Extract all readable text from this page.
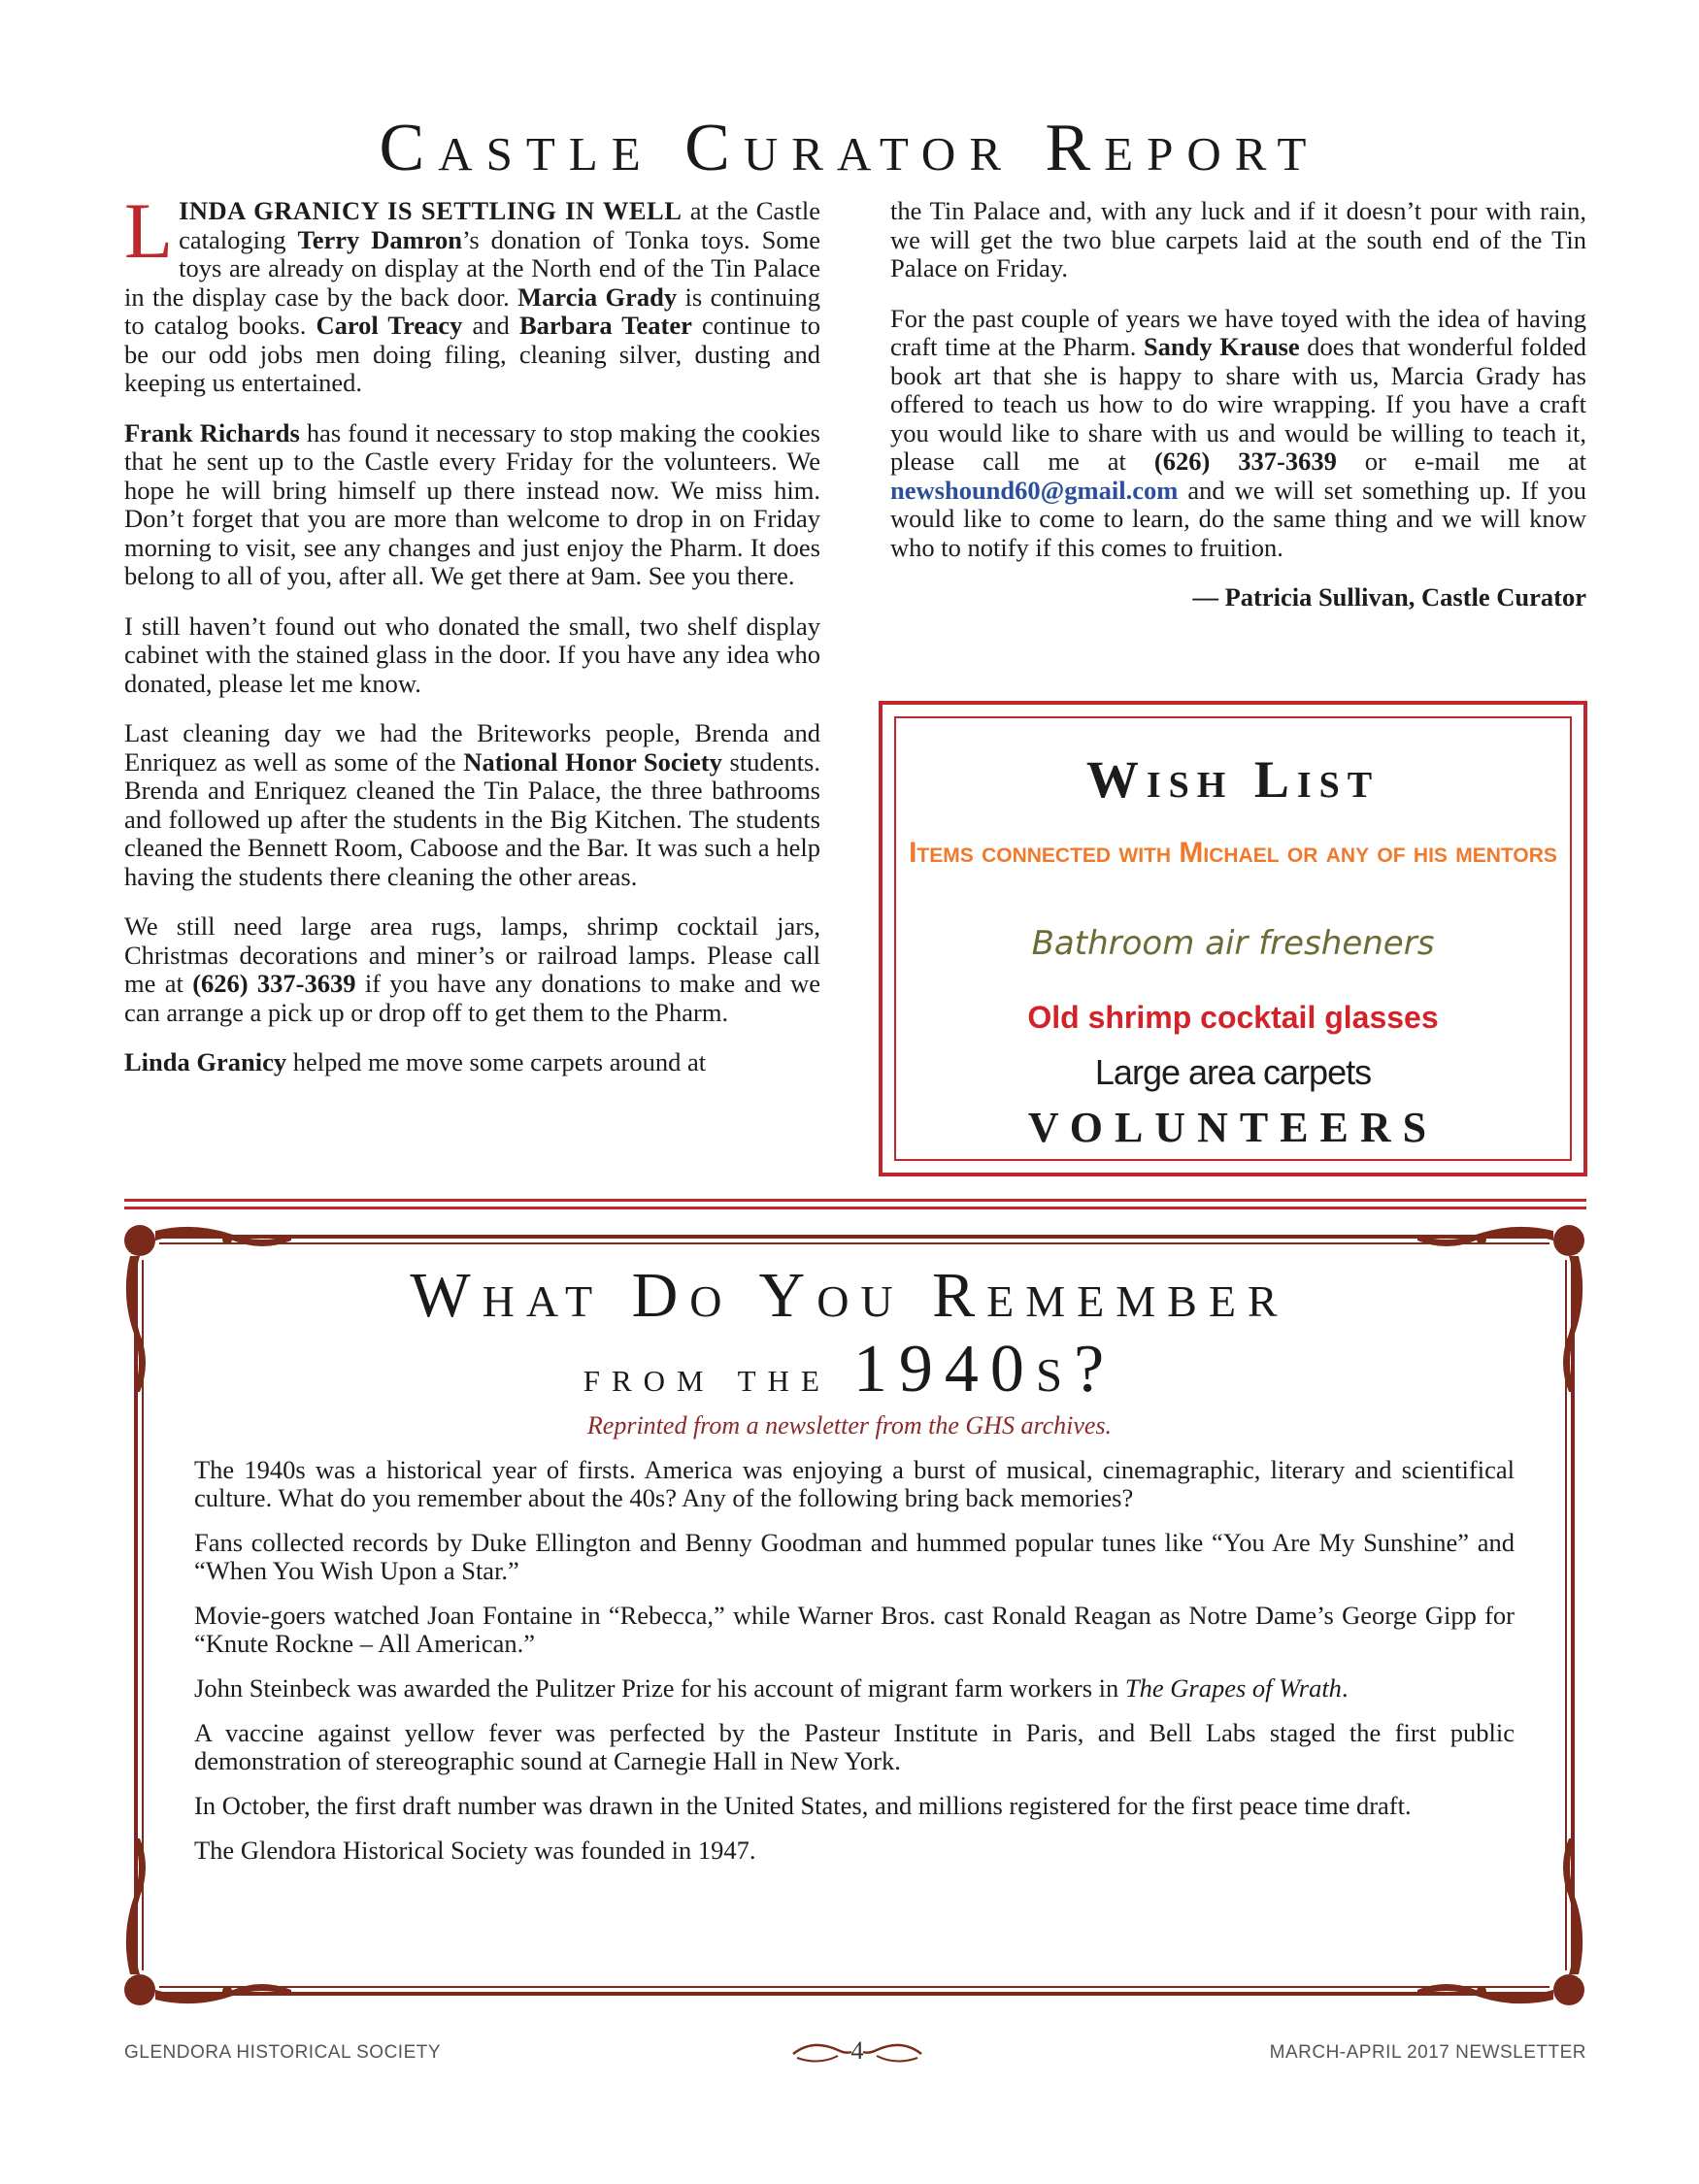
Castle Curator Report

LINDA GRANICY IS SETTLING IN WELL at the Castle cataloging Terry Damron’s donation of Tonka toys. Some toys are already on display at the North end of the Tin Palace in the display case by the back door. Marcia Grady is continuing to catalog books. Carol Treacy and Barbara Teater continue to be our odd jobs men doing filing, cleaning silver, dusting and keeping us entertained.

Frank Richards has found it necessary to stop making the cookies that he sent up to the Castle every Friday for the volunteers. We hope he will bring himself up there instead now. We miss him. Don’t forget that you are more than welcome to drop in on Friday morning to visit, see any changes and just enjoy the Pharm. It does belong to all of you, after all. We get there at 9am. See you there.

I still haven’t found out who donated the small, two shelf display cabinet with the stained glass in the door. If you have any idea who donated, please let me know.

Last cleaning day we had the Briteworks people, Brenda and Enriquez as well as some of the National Honor Society students. Brenda and Enriquez cleaned the Tin Palace, the three bathrooms and followed up after the students in the Big Kitchen. The students cleaned the Bennett Room, Caboose and the Bar. It was such a help having the students there cleaning the other areas.

We still need large area rugs, lamps, shrimp cocktail jars, Christmas decorations and miner’s or railroad lamps. Please call me at (626) 337-3639 if you have any donations to make and we can arrange a pick up or drop off to get them to the Pharm.

Linda Granicy helped me move some carpets around at

the Tin Palace and, with any luck and if it doesn’t pour with rain, we will get the two blue carpets laid at the south end of the Tin Palace on Friday.

For the past couple of years we have toyed with the idea of having craft time at the Pharm. Sandy Krause does that wonderful folded book art that she is happy to share with us, Marcia Grady has offered to teach us how to do wire wrapping. If you have a craft you would like to share with us and would be willing to teach it, please call me at (626) 337-3639 or e-mail me at newshound60@gmail.com and we will set something up. If you would like to come to learn, do the same thing and we will know who to notify if this comes to fruition.

— Patricia Sullivan, Castle Curator

Wish List
Items connected with Michael or any of his mentors
Bathroom air fresheners
Old shrimp cocktail glasses
Large area carpets
VOLUNTEERS
What Do You Remember
from the 1940s?
Reprinted from a newsletter from the GHS archives.

The 1940s was a historical year of firsts. America was enjoying a burst of musical, cinemagraphic, literary and scientifical culture. What do you remember about the 40s? Any of the following bring back memories?

Fans collected records by Duke Ellington and Benny Goodman and hummed popular tunes like “You Are My Sunshine” and “When You Wish Upon a Star.”

Movie-goers watched Joan Fontaine in “Rebecca,” while Warner Bros. cast Ronald Reagan as Notre Dame’s George Gipp for “Knute Rockne – All American.”

John Steinbeck was awarded the Pulitzer Prize for his account of migrant farm workers in The Grapes of Wrath.

A vaccine against yellow fever was perfected by the Pasteur Institute in Paris, and Bell Labs staged the first public demonstration of stereographic sound at Carnegie Hall in New York.

In October, the first draft number was drawn in the United States, and millions registered for the first peace time draft.

The Glendora Historical Society was founded in 1947.

GLENDORA HISTORICAL SOCIETY	4	MARCH-APRIL 2017 NEWSLETTER
